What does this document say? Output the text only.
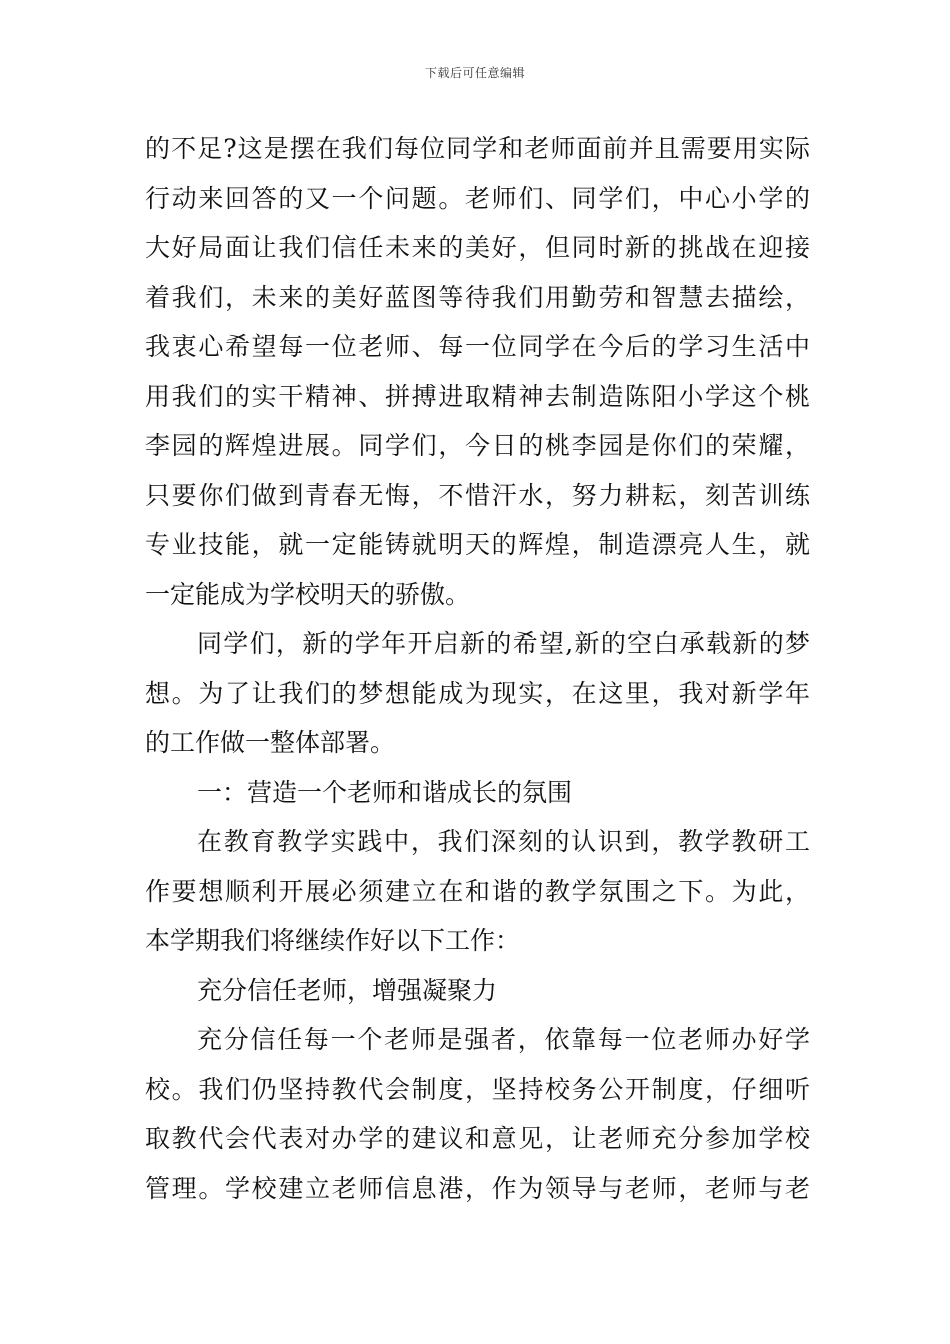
下载后可任意编辑
的不足?这是摆在我们每位同学和老师面前并且需要用实际
行动来回答的又一个问题。老师们、同学们，中心小学的
大好局面让我们信任未来的美好，但同时新的挑战在迎接
着我们，未来的美好蓝图等待我们用勤劳和智慧去描绘，
我衷心希望每一位老师、每一位同学在今后的学习生活中
用我们的实干精神、拼搏进取精神去制造陈阳小学这个桃
李园的辉煌进展。同学们，今日的桃李园是你们的荣耀，
只要你们做到青春无悔，不惜汗水，努力耕耘，刻苦训练
专业技能，就一定能铸就明天的辉煌，制造漂亮人生，就
一定能成为学校明天的骄傲。
同学们，新的学年开启新的希望,新的空白承载新的梦
想。为了让我们的梦想能成为现实，在这里，我对新学年
的工作做一整体部署。
一：营造一个老师和谐成长的氛围
在教育教学实践中，我们深刻的认识到，教学教研工
作要想顺利开展必须建立在和谐的教学氛围之下。为此，
本学期我们将继续作好以下工作：
充分信任老师，增强凝聚力
充分信任每一个老师是强者，依靠每一位老师办好学
校。我们仍坚持教代会制度，坚持校务公开制度，仔细听
取教代会代表对办学的建议和意见，让老师充分参加学校
管理。学校建立老师信息港，作为领导与老师，老师与老
